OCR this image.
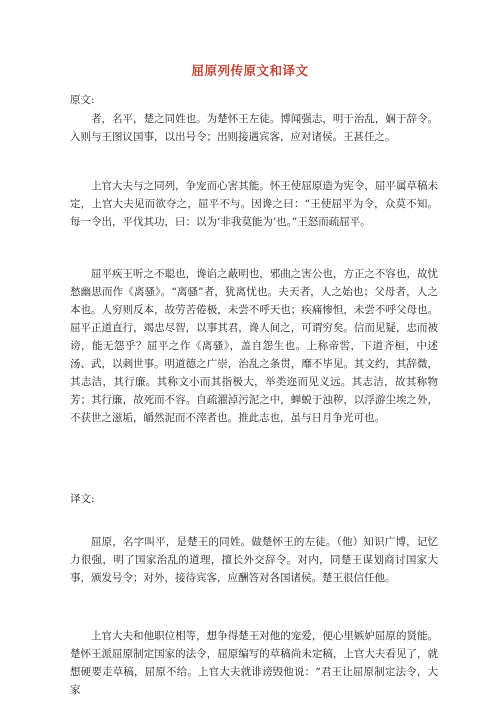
屈原列传原文和译文
原文:

者，名平，楚之同姓也。为楚怀王左徒。博闻强志，明于治乱，娴于辞令。入则与王图议国事，以出号令；出则接遇宾客，应对诸侯。王甚任之。

上官大夫与之同列，争宠而心害其能。怀王使屈原造为宪令，屈平属草稿未定，上官大夫见而欲夺之，屈平不与。因谗之曰：“王使屈平为令，众莫不知。每一令出，平伐其功，曰：以为‘非我莫能为’也。”王怒而疏屈平。

屈平疾王听之不聪也，谗谄之蔽明也，邪曲之害公也，方正之不容也，故忧愁幽思而作《离骚》。“离骚”者，犹离忧也。夫天者，人之始也；父母者，人之本也。人穷则反本，故劳苦倦极，未尝不呼天也；疾痛惨怛，未尝不呼父母也。屈平正道直行，竭忠尽智，以事其君，谗人间之，可谓穷矣。信而见疑，忠而被谤，能无怨乎？屈平之作《离骚》，盖自怨生也。上称帝喾，下道齐桓，中述汤、武，以刺世事。明道德之广崇，治乱之条贯，靡不毕见。其文约，其辞微，其志洁，其行廉。其称文小而其指极大，举类迩而见义远。其志洁，故其称物芳；其行廉，故死而不容。自疏濯淖污泥之中，蝉蜕于浊秽，以浮游尘埃之外，不获世之滋垢，皭然泥而不滓者也。推此志也，虽与日月争光可也。

译文:

屈原，名字叫平，是楚王的同姓。做楚怀王的左徒。（他）知识广博，记忆力很强，明了国家治乱的道理，擅长外交辞令。对内，同楚王谋划商讨国家大事，颁发号令；对外，接待宾客，应酬答对各国诸侯。楚王很信任他。

上官大夫和他职位相等，想争得楚王对他的宠爱，便心里嫉妒屈原的贤能。楚怀王派屈原制定国家的法令，屈原编写的草稿尚未定稿，上官大夫看见了，就想硬要走草稿，屈原不给。上官大夫就诽谤毁他说：“君王让屈原制定法令，大家
